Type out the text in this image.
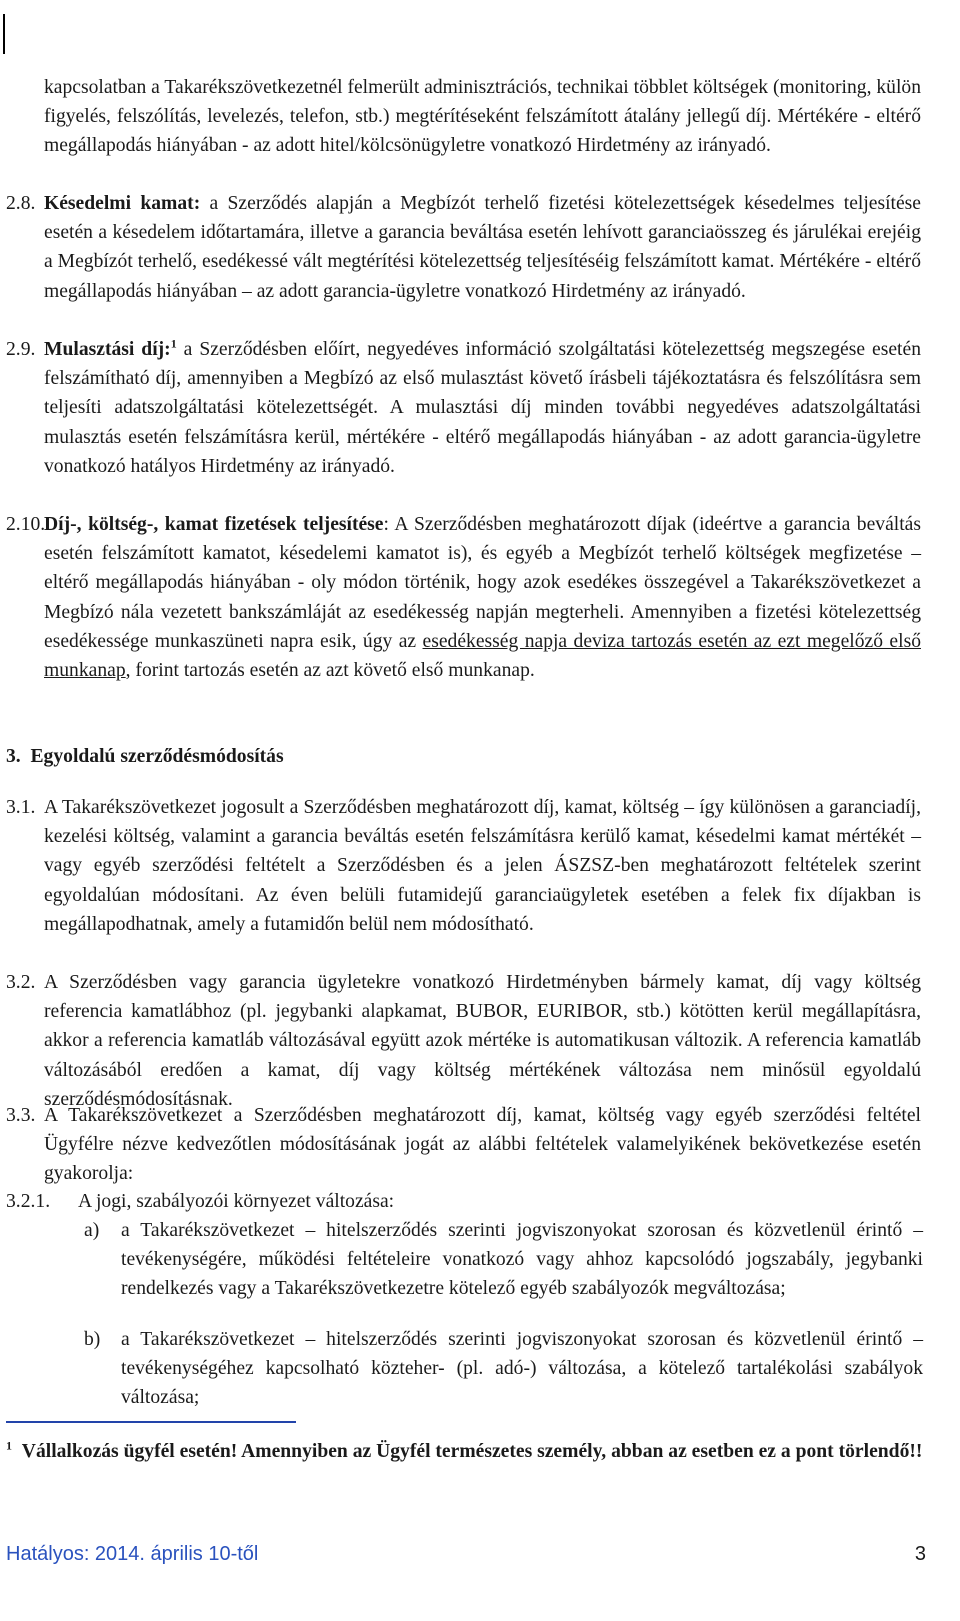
kapcsolatban a Takarékszövetkezetnél felmerült adminisztrációs, technikai többlet költségek (monitoring, külön figyelés, felszólítás, levelezés, telefon, stb.) megtérítéseként felszámított átalány jellegű díj. Mértékére - eltérő megállapodás hiányában - az adott hitel/kölcsönügyletre vonatkozó Hirdetmény az irányadó.
2.8. Késedelmi kamat: a Szerződés alapján a Megbízót terhelő fizetési kötelezettségek késedelmes teljesítése esetén a késedelem időtartamára, illetve a garancia beváltása esetén lehívott garanciaösszeg és járulékai erejéig a Megbízót terhelő, esedékessé vált megtérítési kötelezettség teljesítéséig felszámított kamat. Mértékére - eltérő megállapodás hiányában – az adott garancia-ügyletre vonatkozó Hirdetmény az irányadó.
2.9. Mulasztási díj:$^1$ a Szerződésben előírt, negyedéves információ szolgáltatási kötelezettség megszegése esetén felszámítható díj, amennyiben a Megbízó az első mulasztást követő írásbeli tájékoztatásra és felszólításra sem teljesíti adatszolgáltatási kötelezettségét. A mulasztási díj minden további negyedéves adatszolgáltatási mulasztás esetén felszámításra kerül, mértékére - eltérő megállapodás hiányában - az adott garancia-ügyletre vonatkozó hatályos Hirdetmény az irányadó.
2.10.
Díj-, költség-, kamat fizetések teljesítése: A Szerződésben meghatározott díjak (ideértve a garancia beváltás esetén felszámított kamatot, késedelemi kamatot is), és egyéb a Megbízót terhelő költségek megfizetése – eltérő megállapodás hiányában - oly módon történik, hogy azok esedékes összegével a Takarékszövetkezet a Megbízó nála vezetett bankszámláját az esedékesség napján megterheli. Amennyiben a fizetési kötelezettség esedékessége munkaszüneti napra esik, úgy az esedékesség napja deviza tartozás esetén az ezt megelőző első munkanap, forint tartozás esetén az azt követő első munkanap.
3.  Egyoldalú szerződésmódosítás
3.1. A Takarékszövetkezet jogosult a Szerződésben meghatározott díj, kamat, költség – így különösen a garanciadíj, kezelési költség, valamint a garancia beváltás esetén felszámításra kerülő kamat, késedelmi kamat mértékét – vagy egyéb szerződési feltételt a Szerződésben és a jelen ÁSZSZ-ben meghatározott feltételek szerint egyoldalúan módosítani. Az éven belüli futamidejű garanciaügyletek esetében a felek fix díjakban is megállapodhatnak, amely a futamidőn belül nem módosítható.
3.2. A Szerződésben vagy garancia ügyletekre vonatkozó Hirdetményben bármely kamat, díj vagy költség referencia kamatlábhoz (pl. jegybanki alapkamat, BUBOR, EURIBOR, stb.) kötötten kerül megállapításra, akkor a referencia kamatláb változásával együtt azok mértéke is automatikusan változik. A referencia kamatláb változásából eredően a kamat, díj vagy költség mértékének változása nem minősül egyoldalú szerződésmódosításnak.
3.3. A Takarékszövetkezet a Szerződésben meghatározott díj, kamat, költség vagy egyéb szerződési feltétel Ügyfélre nézve kedvezőtlen módosításának jogát az alábbi feltételek valamelyikének bekövetkezése esetén gyakorolja:
3.2.1. A jogi, szabályozói környezet változása:
a) a Takarékszövetkezet – hitelszerződés szerinti jogviszonyokat szorosan és közvetlenül érintő – tevékenységére, működési feltételeire vonatkozó vagy ahhoz kapcsolódó jogszabály, jegybanki rendelkezés vagy a Takarékszövetkezetre kötelező egyéb szabályozók megváltozása;
b) a Takarékszövetkezet – hitelszerződés szerinti jogviszonyokat szorosan és közvetlenül érintő – tevékenységéhez kapcsolható közteher- (pl. adó-) változása, a kötelező tartalékolási szabályok változása;
$^1$ Vállalkozás ügyfél esetén! Amennyiben az Ügyfél természetes személy, abban az esetben ez a pont törlendő!!
Hatályos: 2014. április 10-től	3
